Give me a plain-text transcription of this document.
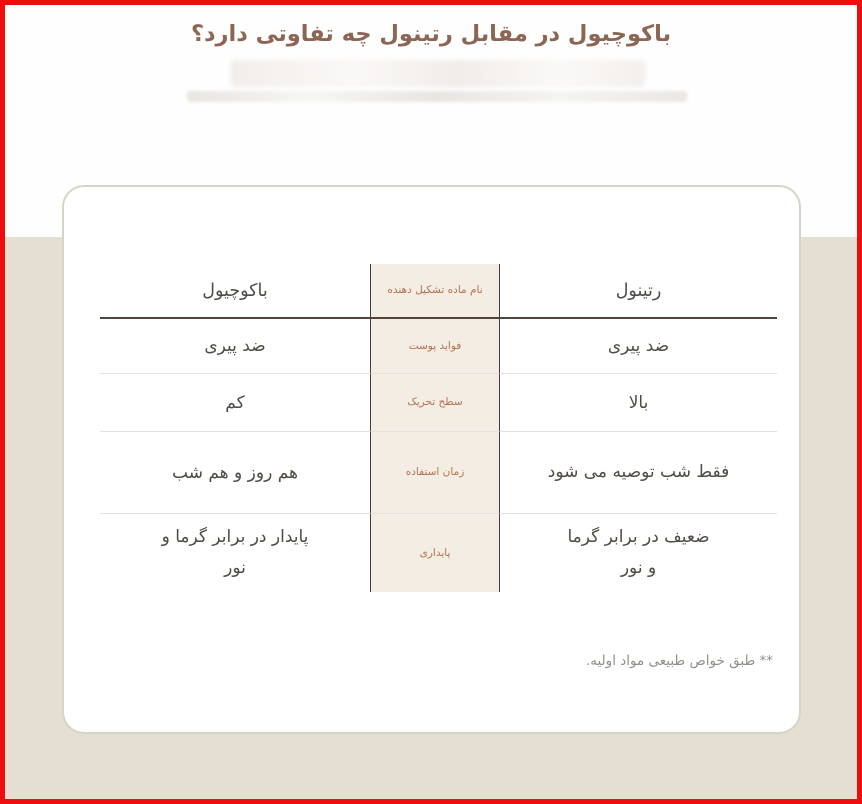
باکوچیول در مقابل رتینول چه تفاوتی دارد؟
رتینول
نام ماده تشکیل دهنده
باکوچیول
ضد پیری
فواید پوست
ضد پیری
بالا
سطح تحریک
کم
فقط شب توصیه می شود
زمان استفاده
هم روز و هم شب
ضعیف در برابر گرما و نور
پایداری
پایدار در برابر گرما و نور
** طبق خواص طبیعی مواد اولیه.
